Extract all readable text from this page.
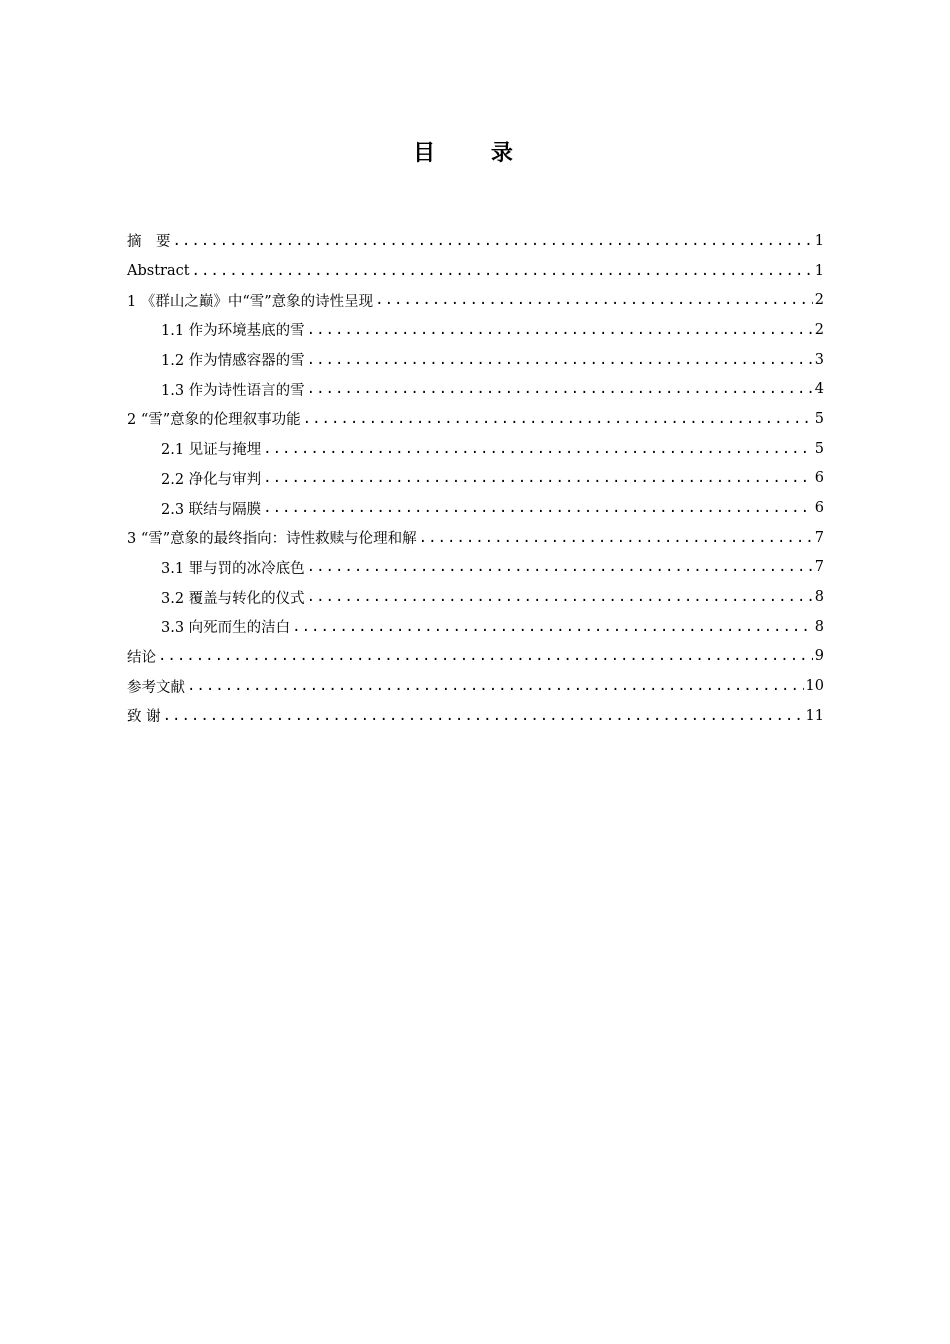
目 录
摘　要 .....	1
Abstract .....	1
1 《群山之巅》中“雪”意象的诗性呈现 .....	2
1.1 作为环境基底的雪 .....	2
1.2 作为情感容器的雪 .....	3
1.3 作为诗性语言的雪 .....	4
2 “雪”意象的伦理叙事功能 .....	5
2.1 见证与掩埋 .....	5
2.2 净化与审判 .....	6
2.3 联结与隔膜 .....	6
3 “雪”意象的最终指向：诗性救赎与伦理和解 .....	7
3.1 罪与罚的冰冷底色 .....	7
3.2 覆盖与转化的仪式 .....	8
3.3 向死而生的洁白 .....	8
结论 .....	9
参考文献 .....	10
致 谢 .....	11
